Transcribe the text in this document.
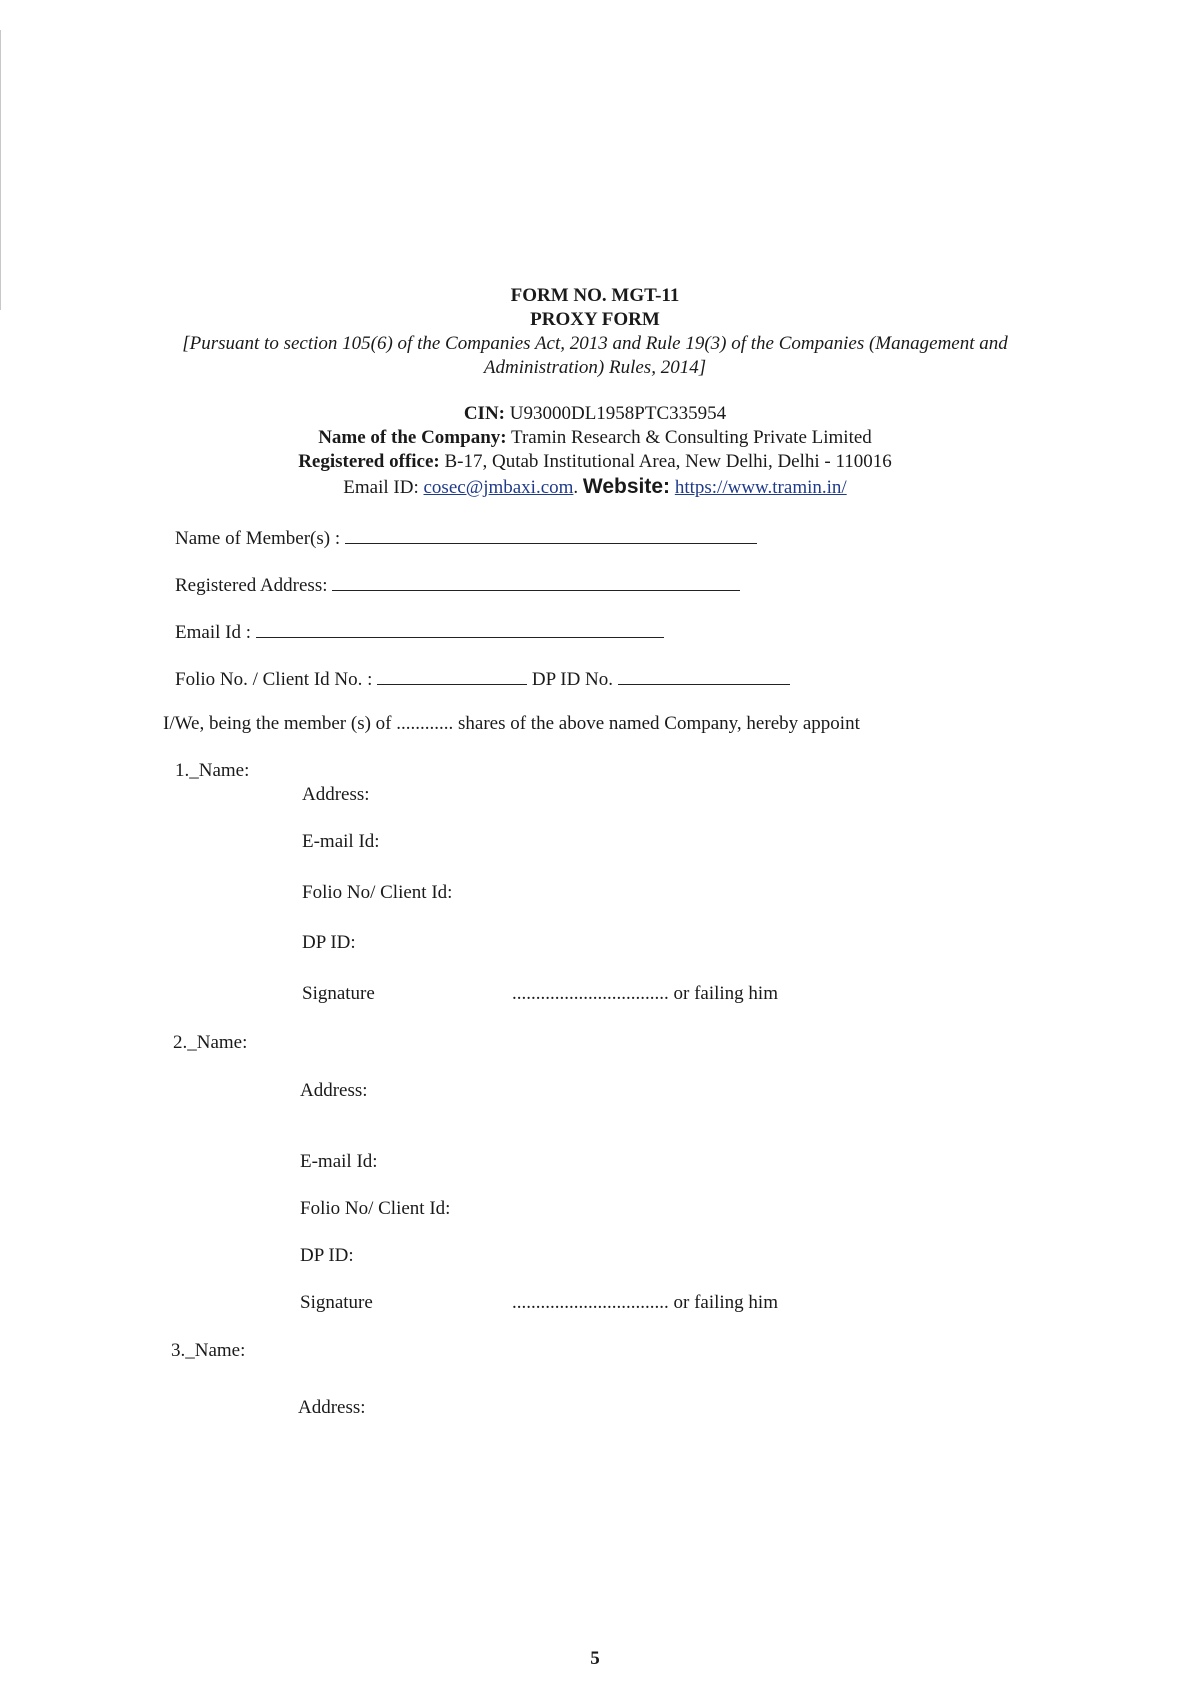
FORM NO. MGT-11
PROXY FORM
[Pursuant to section 105(6) of the Companies Act, 2013 and Rule 19(3) of the Companies (Management and
Administration) Rules, 2014]
CIN: U93000DL1958PTC335954
Name of the Company: Tramin Research & Consulting Private Limited
Registered office: B-17, Qutab Institutional Area, New Delhi, Delhi - 110016
Email ID: cosec@jmbaxi.com. Website: https://www.tramin.in/
Name of Member(s) :
Registered Address:
Email Id :
Folio No. / Client Id No. :	DP ID No.
I/We, being the member (s) of ............ shares of the above named Company, hereby appoint
1._Name:
Address:
E-mail Id:
Folio No/ Client Id:
DP ID:
Signature	................................. or failing him
2._Name:
Address:
E-mail Id:
Folio No/ Client Id:
DP ID:
Signature	................................. or failing him
3._Name:
Address:
5
